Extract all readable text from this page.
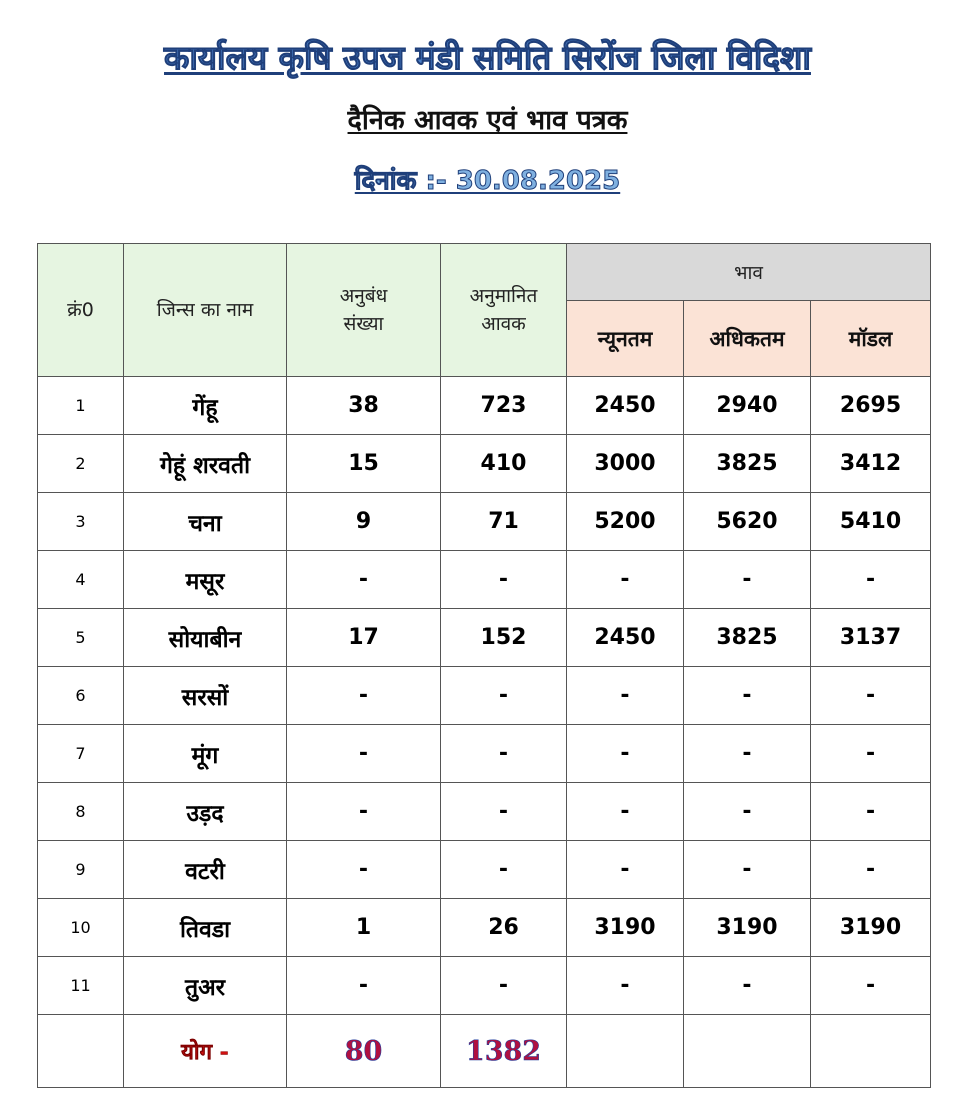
कार्यालय कृषि उपज मंडी समिति सिरोंज जिला विदिशा
दैनिक आवक एवं भाव पत्रक
दिनांक :- 30.08.2025
क्रं0	जिन्स का नाम	अनुबंध संख्या	अनुमानित आवक	भाव		
				न्यूनतम	अधिकतम	मॉडल
1	गेंहू	38	723	2450	2940	2695
2	गेहूं शरवती	15	410	3000	3825	3412
3	चना	9	71	5200	5620	5410
4	मसूर	-	-	-	-	-
5	सोयाबीन	17	152	2450	3825	3137
6	सरसों	-	-	-	-	-
7	मूंग	-	-	-	-	-
8	उड़द	-	-	-	-	-
9	वटरी	-	-	-	-	-
10	तिवडा	1	26	3190	3190	3190
11	तुअर	-	-	-	-	-
	योग -	80	1382			
